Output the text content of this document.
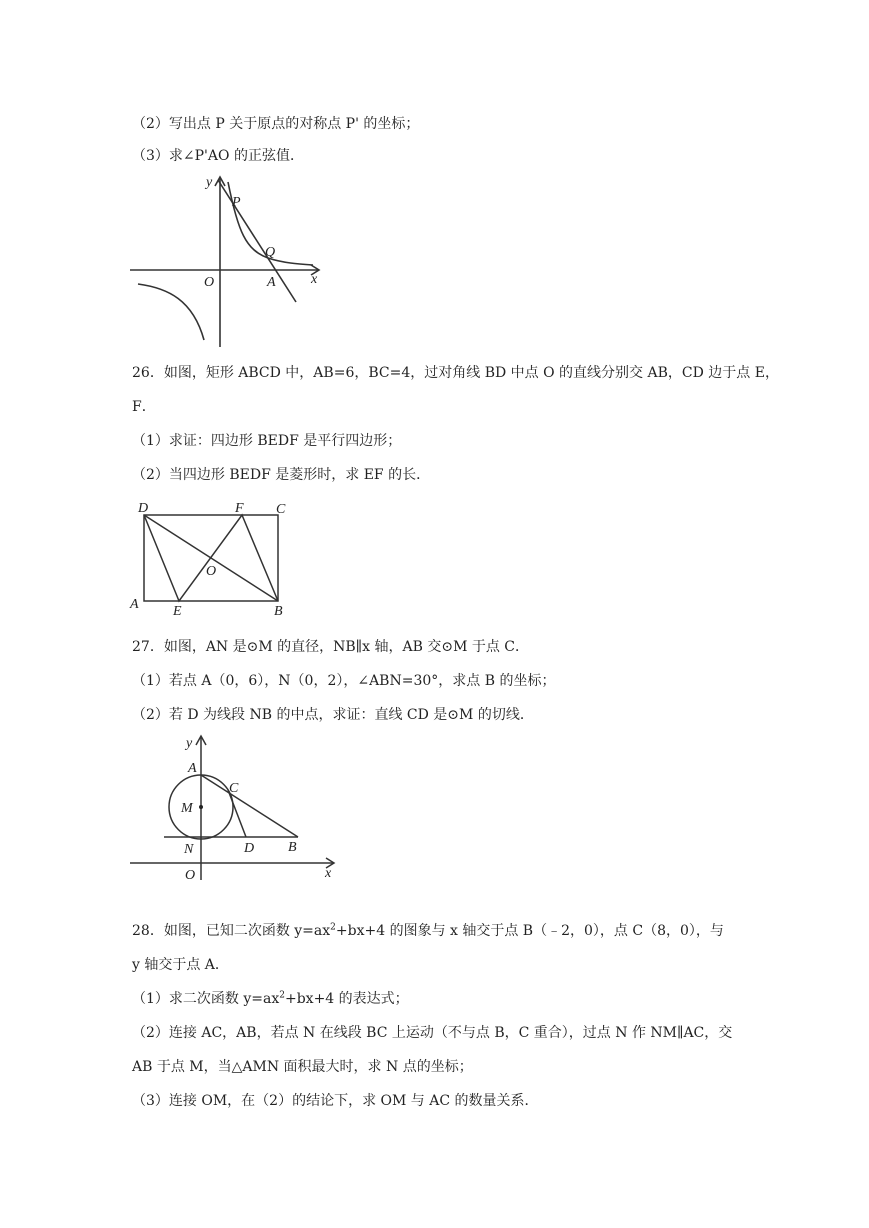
（2）写出点 P 关于原点的对称点 P' 的坐标；
（3）求∠P'AO 的正弦值．
y
P
Q
O	A	x
26．如图，矩形 ABCD 中，AB=6，BC=4，过对角线 BD 中点 O 的直线分别交 AB，CD 边于点 E，
F．
（1）求证：四边形 BEDF 是平行四边形；
（2）当四边形 BEDF 是菱形时，求 EF 的长．
D	F C
O
A E	B
27．如图，AN 是⊙M 的直径，NB∥x 轴，AB 交⊙M 于点 C．
（1）若点 A（0，6），N（0，2），∠ABN=30°，求点 B 的坐标；
（2）若 D 为线段 NB 的中点，求证：直线 CD 是⊙M 的切线．
y
A
C
M
N	D B
O	x
28．如图，已知二次函数 $y=ax^2+bx+4$ 的图象与 x 轴交于点 B（﹣2，0），点 C（8，0），与
y 轴交于点 A．
（1）求二次函数 $y=ax^2+bx+4$ 的表达式；
（2）连接 AC，AB，若点 N 在线段 BC 上运动（不与点 B，C 重合），过点 N 作 NM∥AC，交
AB 于点 M，当△AMN 面积最大时，求 N 点的坐标；
（3）连接 OM，在（2）的结论下，求 OM 与 AC 的数量关系．
